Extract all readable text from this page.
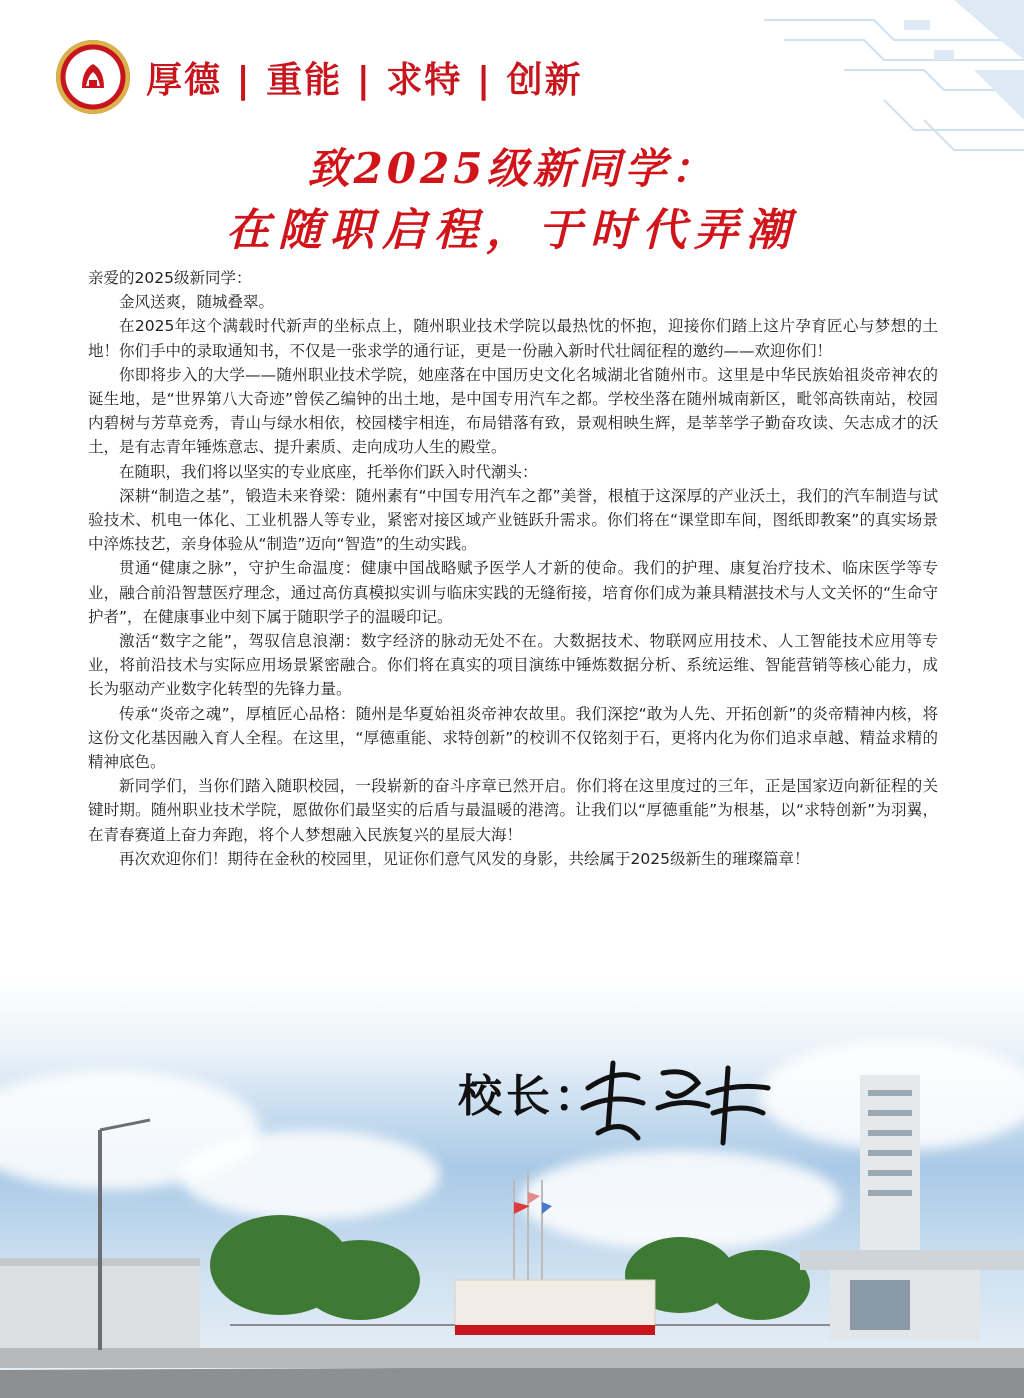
厚德 | 重能 | 求特 | 创新
致2025级新同学：
在随职启程，于时代弄潮

亲爱的2025级新同学：

金风送爽，随城叠翠。

在2025年这个满载时代新声的坐标点上，随州职业技术学院以最热忱的怀抱，迎接你们踏上这片孕育匠心与梦想的土地！你们手中的录取通知书，不仅是一张求学的通行证，更是一份融入新时代壮阔征程的邀约——欢迎你们！

你即将步入的大学——随州职业技术学院，她座落在中国历史文化名城湖北省随州市。这里是中华民族始祖炎帝神农的诞生地，是“世界第八大奇迹”曾侯乙编钟的出土地，是中国专用汽车之都。学校坐落在随州城南新区，毗邻高铁南站，校园内碧树与芳草竞秀，青山与绿水相依，校园楼宇相连，布局错落有致，景观相映生辉，是莘莘学子勤奋攻读、矢志成才的沃土，是有志青年锤炼意志、提升素质、走向成功人生的殿堂。

在随职，我们将以坚实的专业底座，托举你们跃入时代潮头：

深耕“制造之基”，锻造未来脊梁：随州素有“中国专用汽车之都”美誉，根植于这深厚的产业沃土，我们的汽车制造与试验技术、机电一体化、工业机器人等专业，紧密对接区域产业链跃升需求。你们将在“课堂即车间，图纸即教案”的真实场景中淬炼技艺，亲身体验从“制造”迈向“智造”的生动实践。

贯通“健康之脉”，守护生命温度：健康中国战略赋予医学人才新的使命。我们的护理、康复治疗技术、临床医学等专业，融合前沿智慧医疗理念，通过高仿真模拟实训与临床实践的无缝衔接，培育你们成为兼具精湛技术与人文关怀的“生命守护者”，在健康事业中刻下属于随职学子的温暖印记。

激活“数字之能”，驾驭信息浪潮：数字经济的脉动无处不在。大数据技术、物联网应用技术、人工智能技术应用等专业，将前沿技术与实际应用场景紧密融合。你们将在真实的项目演练中锤炼数据分析、系统运维、智能营销等核心能力，成长为驱动产业数字化转型的先锋力量。

传承“炎帝之魂”，厚植匠心品格：随州是华夏始祖炎帝神农故里。我们深挖“敢为人先、开拓创新”的炎帝精神内核，将这份文化基因融入育人全程。在这里，“厚德重能、求特创新”的校训不仅铭刻于石，更将内化为你们追求卓越、精益求精的精神底色。

新同学们，当你们踏入随职校园，一段崭新的奋斗序章已然开启。你们将在这里度过的三年，正是国家迈向新征程的关键时期。随州职业技术学院，愿做你们最坚实的后盾与最温暖的港湾。让我们以“厚德重能”为根基，以“求特创新”为羽翼，在青春赛道上奋力奔跑，将个人梦想融入民族复兴的星辰大海！

再次欢迎你们！期待在金秋的校园里，见证你们意气风发的身影，共绘属于2025级新生的璀璨篇章！

校长：
